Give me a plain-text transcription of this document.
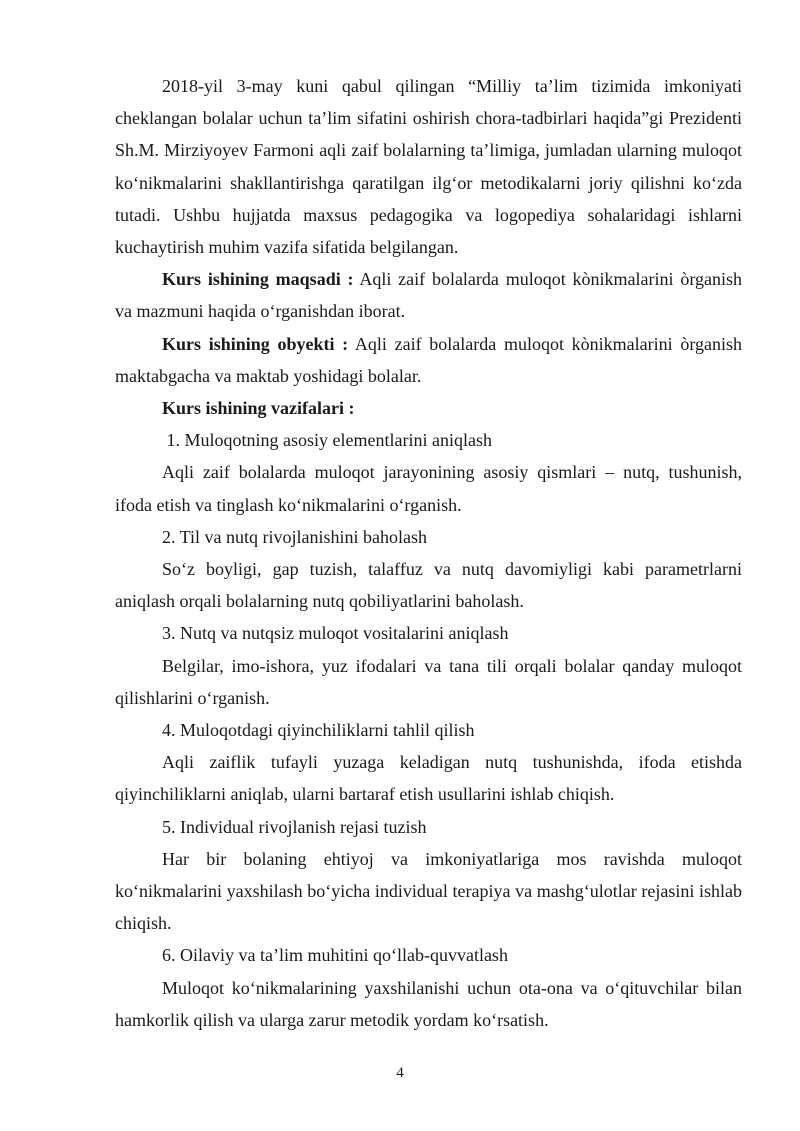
2018-yil 3-may kuni qabul qilingan “Milliy ta’lim tizimida imkoniyati cheklangan bolalar uchun ta’lim sifatini oshirish chora-tadbirlari haqida”gi Prezidenti Sh.M. Mirziyoyev Farmoni aqli zaif bolalarning ta’limiga, jumladan ularning muloqot ko‘nikmalarini shakllantirishga qaratilgan ilg‘or metodikalarni joriy qilishni ko‘zda tutadi. Ushbu hujjatda maxsus pedagogika va logopediya sohalaridagi ishlarni kuchaytirish muhim vazifa sifatida belgilangan.

Kurs ishining maqsadi : Aqli zaif bolalarda muloqot kònikmalarini òrganish va mazmuni haqida o‘rganishdan iborat.

Kurs ishining obyekti : Aqli zaif bolalarda muloqot kònikmalarini òrganish maktabgacha va maktab yoshidagi bolalar.

Kurs ishining vazifalari :

1. Muloqotning asosiy elementlarini aniqlash

Aqli zaif bolalarda muloqot jarayonining asosiy qismlari – nutq, tushunish, ifoda etish va tinglash ko‘nikmalarini o‘rganish.

2. Til va nutq rivojlanishini baholash

So‘z boyligi, gap tuzish, talaffuz va nutq davomiyligi kabi parametrlarni aniqlash orqali bolalarning nutq qobiliyatlarini baholash.

3. Nutq va nutqsiz muloqot vositalarini aniqlash

Belgilar, imo-ishora, yuz ifodalari va tana tili orqali bolalar qanday muloqot qilishlarini o‘rganish.

4. Muloqotdagi qiyinchiliklarni tahlil qilish

Aqli zaiflik tufayli yuzaga keladigan nutq tushunishda, ifoda etishda qiyinchiliklarni aniqlab, ularni bartaraf etish usullarini ishlab chiqish.

5. Individual rivojlanish rejasi tuzish

Har bir bolaning ehtiyoj va imkoniyatlariga mos ravishda muloqot ko‘nikmalarini yaxshilash bo‘yicha individual terapiya va mashg‘ulotlar rejasini ishlab chiqish.

6. Oilaviy va ta’lim muhitini qo‘llab-quvvatlash

Muloqot ko‘nikmalarining yaxshilanishi uchun ota-ona va o‘qituvchilar bilan hamkorlik qilish va ularga zarur metodik yordam ko‘rsatish.

4
